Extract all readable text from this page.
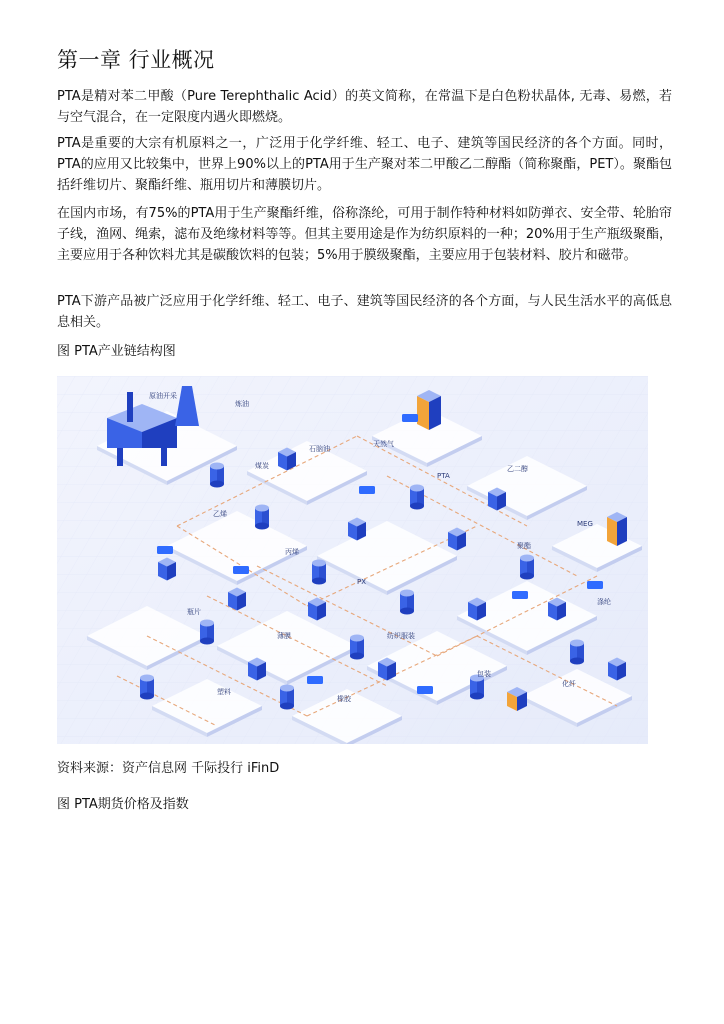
第一章 行业概况

PTA是精对苯二甲酸（Pure Terephthalic Acid）的英文简称，在常温下是白色粉状晶体, 无毒、易燃，若与空气混合，在一定限度内遇火即燃烧。

PTA是重要的大宗有机原料之一，广泛用于化学纤维、轻工、电子、建筑等国民经济的各个方面。同时，PTA的应用又比较集中，世界上90%以上的PTA用于生产聚对苯二甲酸乙二醇酯（简称聚酯，PET）。聚酯包括纤维切片、聚酯纤维、瓶用切片和薄膜切片。

在国内市场，有75%的PTA用于生产聚酯纤维，俗称涤纶，可用于制作特种材料如防弹衣、安全带、轮胎帘子线，渔网、绳索，滤布及绝缘材料等等。但其主要用途是作为纺织原料的一种；20%用于生产瓶级聚酯，主要应用于各种饮料尤其是碳酸饮料的包装；5%用于膜级聚酯，主要应用于包装材料、胶片和磁带。

PTA下游产品被广泛应用于化学纤维、轻工、电子、建筑等国民经济的各个方面，与人民生活水平的高低息息相关。

图 PTA产业链结构图

原油开采
炼油
石脑油
天然气
煤炭
乙烯
丙烯
PX
PTA
乙二醇
MEG
聚酯
涤纶
瓶片
薄膜	纺织服装
包装
化纤
塑料
橡胶

资料来源：资产信息网 千际投行 iFinD

图 PTA期货价格及指数
